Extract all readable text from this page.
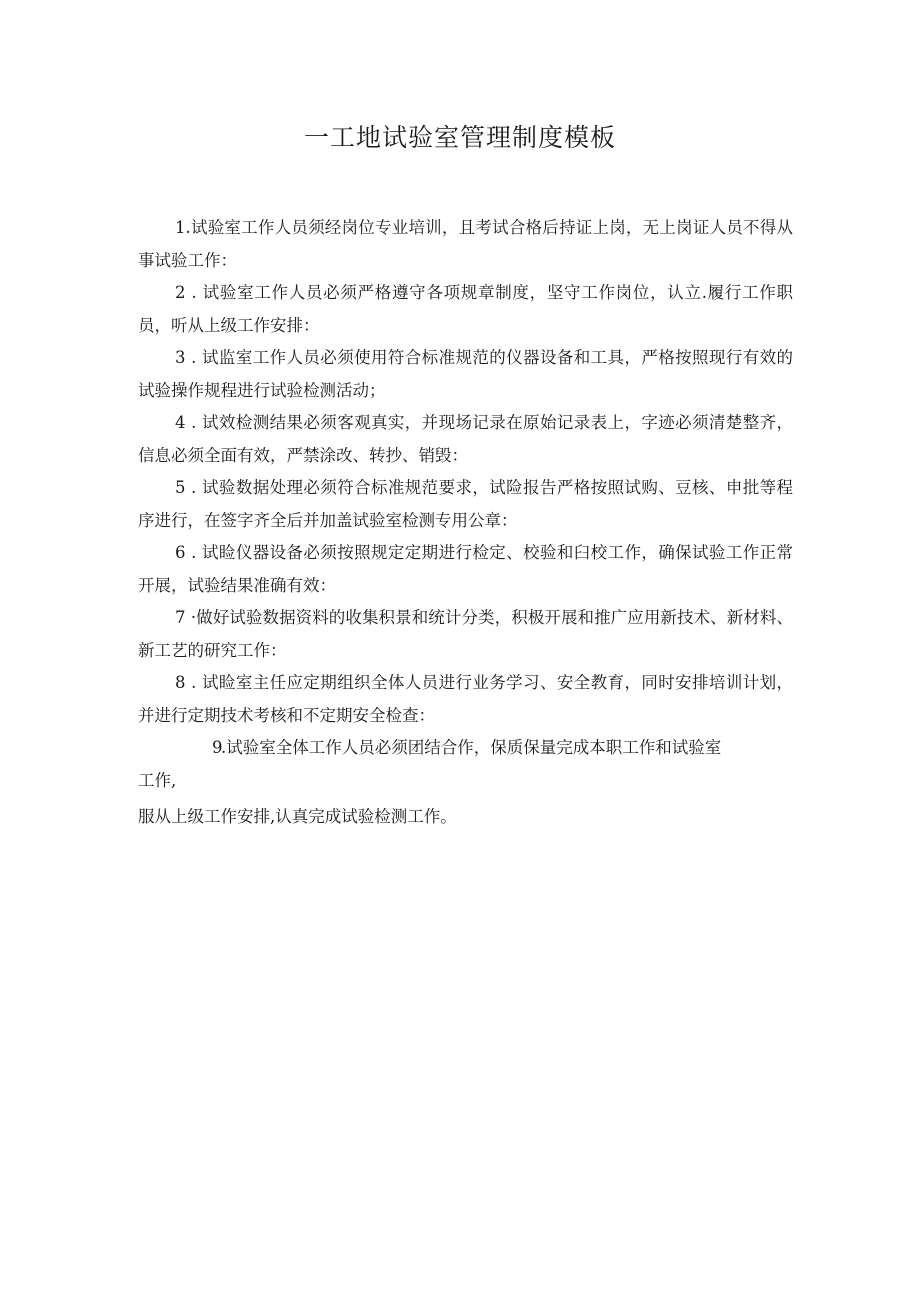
一工地试验室管理制度模板

1.试验室工作人员须经岗位专业培训，且考试合格后持证上岗，无上岗证人员不得从事试验工作：

2 . 试验室工作人员必须严格遵守各项规章制度，坚守工作岗位，认立.履行工作职员，听从上级工作安排：

3 . 试监室工作人员必须使用符合标准规范的仪器设备和工具，严格按照现行有效的试验操作规程进行试验检测活动；

4 . 试效检测结果必须客观真实，并现场记录在原始记录表上，字迹必须清楚整齐，信息必须全面有效，严禁涂改、转抄、销毁：

5 . 试验数据处理必须符合标准规范要求，试险报告严格按照试购、豆核、申批等程序进行，在签字齐全后并加盖试验室检测专用公章：

6 . 试睑仪器设备必须按照规定定期进行检定、校验和臼校工作，确保试验工作正常开展，试验结果准确有效：

7 ·做好试验数据资料的收集积景和统计分类，积极开展和推广应用新技术、新材料、新工艺的研究工作：

8 . 试睑室主任应定期组织全体人员进行业务学习、安全教育，同时安排培训计划，并进行定期技术考核和不定期安全检查：

9.试验室全体工作人员必须团结合作，保质保量完成本职工作和试验室

工作,

服从上级工作安排,认真完成试验检测工作。
